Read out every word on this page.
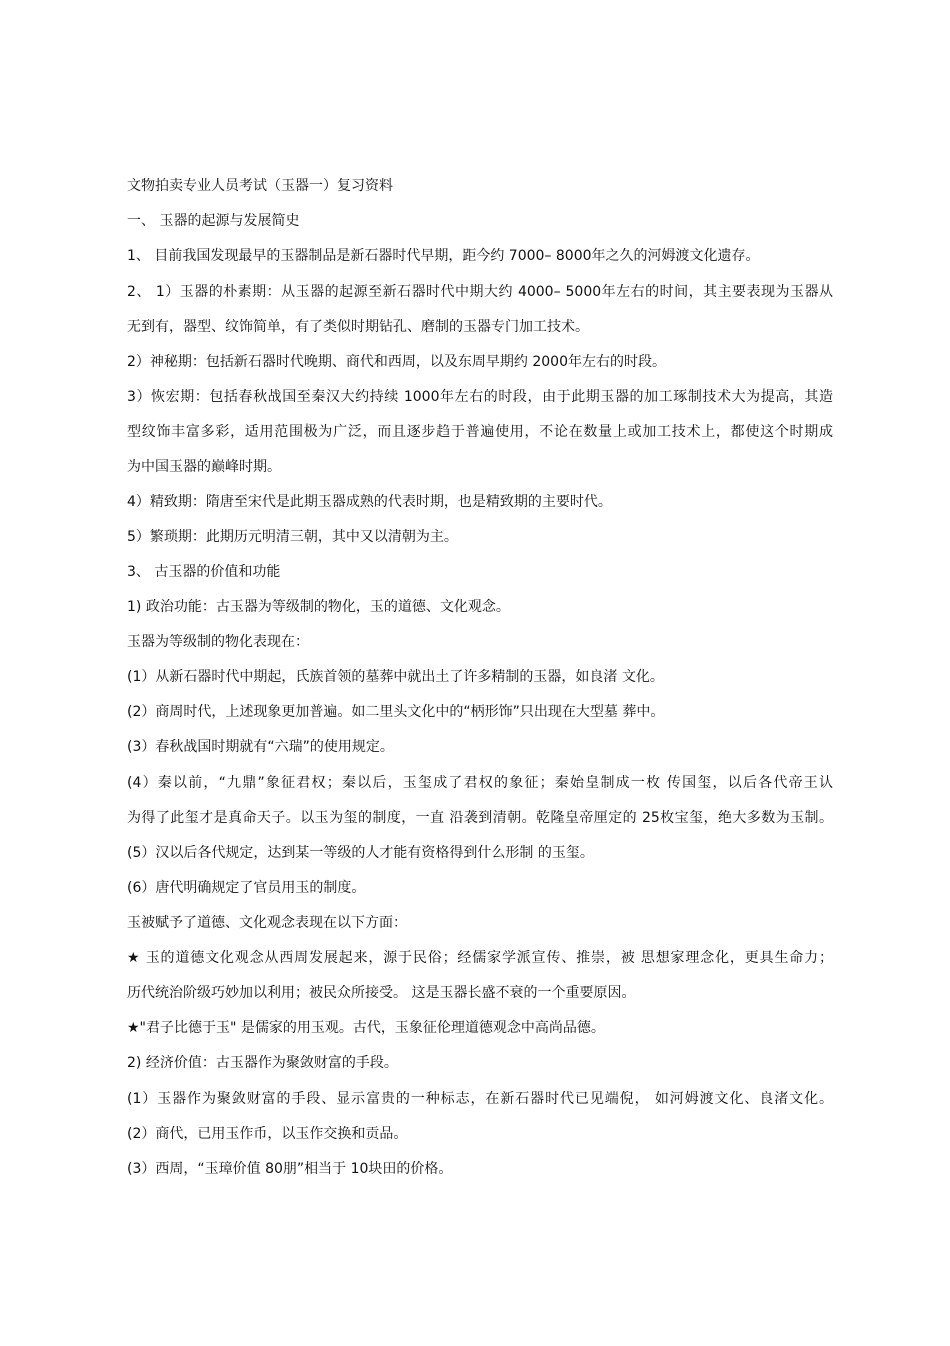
文物拍卖专业人员考试（玉器一）复习资料
一、 玉器的起源与发展简史
1、 目前我国发现最早的玉器制品是新石器时代早期，距今约 7000– 8000年之久的河姆渡文化遗存。
2、 1）玉器的朴素期：从玉器的起源至新石器时代中期大约 4000– 5000年左右的时间，其主要表现为玉器从
无到有，器型、纹饰简单，有了类似时期钻孔、磨制的玉器专门加工技术。
2）神秘期：包括新石器时代晚期、商代和西周，以及东周早期约 2000年左右的时段。
3）恢宏期：包括春秋战国至秦汉大约持续 1000年左右的时段，由于此期玉器的加工琢制技术大为提高，其造
型纹饰丰富多彩，适用范围极为广泛，而且逐步趋于普遍使用，不论在数量上或加工技术上，都使这个时期成
为中国玉器的巅峰时期。
4）精致期：隋唐至宋代是此期玉器成熟的代表时期，也是精致期的主要时代。
5）繁琐期：此期历元明清三朝，其中又以清朝为主。
3、 古玉器的价值和功能
1) 政治功能：古玉器为等级制的物化，玉的道德、文化观念。
玉器为等级制的物化表现在：
(1）从新石器时代中期起，氏族首领的墓葬中就出土了许多精制的玉器，如良渚 文化。
(2）商周时代，上述现象更加普遍。如二里头文化中的“柄形饰”只出现在大型墓 葬中。
(3）春秋战国时期就有“六瑞”的使用规定。
(4）秦以前，“九鼎”象征君权；秦以后，玉玺成了君权的象征；秦始皇制成一枚 传国玺，以后各代帝王认
为得了此玺才是真命天子。以玉为玺的制度，一直 沿袭到清朝。乾隆皇帝厘定的 25枚宝玺，绝大多数为玉制。
(5）汉以后各代规定，达到某一等级的人才能有资格得到什么形制 的玉玺。
(6）唐代明确规定了官员用玉的制度。
玉被赋予了道德、文化观念表现在以下方面：
★ 玉的道德文化观念从西周发展起来，源于民俗；经儒家学派宣传、推崇，被 思想家理念化，更具生命力；
历代统治阶级巧妙加以利用；被民众所接受。 这是玉器长盛不衰的一个重要原因。
★"君子比德于玉" 是儒家的用玉观。古代，玉象征伦理道德观念中高尚品德。
2) 经济价值：古玉器作为聚敛财富的手段。
(1）玉器作为聚敛财富的手段、显示富贵的一种标志，在新石器时代已见端倪， 如河姆渡文化、良渚文化。
(2）商代，已用玉作币，以玉作交换和贡品。
(3）西周，“玉璋价值 80朋”相当于 10块田的价格。
